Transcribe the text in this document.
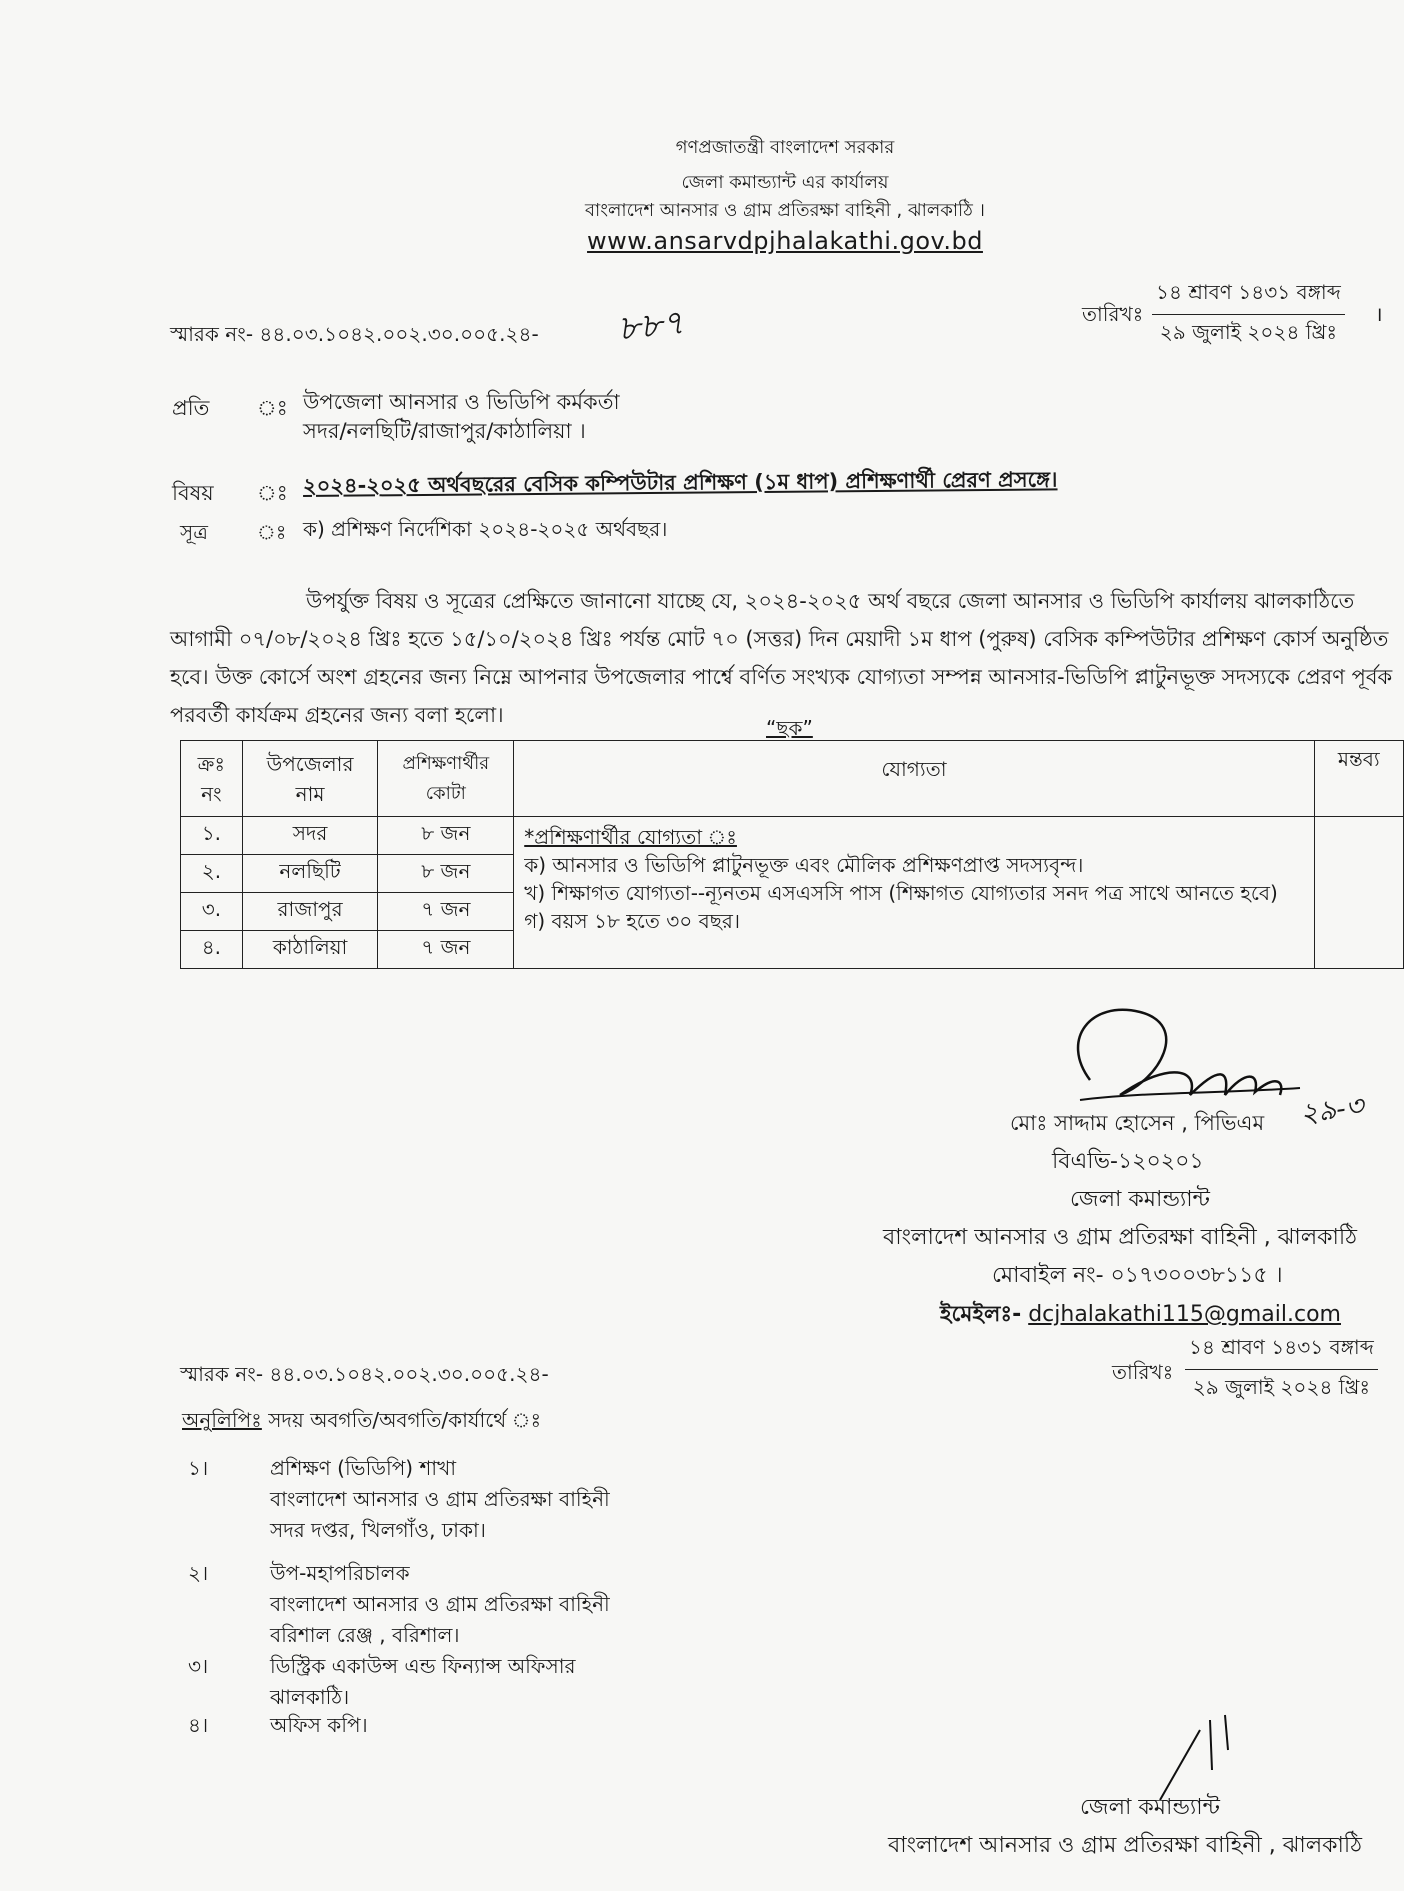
গণপ্রজাতন্ত্রী বাংলাদেশ সরকার
জেলা কমান্ড্যান্ট এর কার্যালয়
বাংলাদেশ আনসার ও গ্রাম প্রতিরক্ষা বাহিনী , ঝালকাঠি ।
www.ansarvdpjhalakathi.gov.bd
স্মারক নং- ৪৪.০৩.১০৪২.০০২.৩০.০০৫.২৪- ৮৮৭	তারিখঃ
১৪ শ্রাবণ ১৪৩১ বঙ্গাব্দ
২৯ জুলাই ২০২৪ খ্রিঃ
।
প্রতি ঃ উপজেলা আনসার ও ভিডিপি কর্মকর্তা
সদর/নলছিটি/রাজাপুর/কাঠালিয়া ।
বিষয় ঃ ২০২৪-২০২৫ অর্থবছরের বেসিক কম্পিউটার প্রশিক্ষণ (১ম ধাপ) প্রশিক্ষণার্থী প্রেরণ প্রসঙ্গে।
সূত্র ঃ ক) প্রশিক্ষণ নির্দেশিকা ২০২৪-২০২৫ অর্থবছর।
উপর্যুক্ত বিষয় ও সূত্রের প্রেক্ষিতে জানানো যাচ্ছে যে, ২০২৪-২০২৫ অর্থ বছরে জেলা আনসার ও ভিডিপি কার্যালয় ঝালকাঠিতে আগামী ০৭/০৮/২০২৪ খ্রিঃ হতে ১৫/১০/২০২৪ খ্রিঃ পর্যন্ত মোট ৭০ (সত্তর) দিন মেয়াদী ১ম ধাপ (পুরুষ) বেসিক কম্পিউটার প্রশিক্ষণ কোর্স অনুষ্ঠিত হবে। উক্ত কোর্সে অংশ গ্রহনের জন্য নিম্নে আপনার উপজেলার পার্শ্বে বর্ণিত সংখ্যক যোগ্যতা সম্পন্ন আনসার-ভিডিপি প্লাটুনভূক্ত সদস্যকে প্রেরণ পূর্বক পরবর্তী কার্যক্রম গ্রহনের জন্য বলা হলো।
“ছক”
ক্রঃ নং	উপজেলার নাম	প্রশিক্ষণার্থীর কোটা	যোগ্যতা	মন্তব্য
১.	সদর	৮ জন	*প্রশিক্ষণার্থীর যোগ্যতা ঃ
ক) আনসার ও ভিডিপি প্লাটুনভূক্ত এবং মৌলিক প্রশিক্ষণপ্রাপ্ত সদস্যবৃন্দ।
খ) শিক্ষাগত যোগ্যতা--ন্যূনতম এসএসসি পাস (শিক্ষাগত যোগ্যতার সনদ পত্র সাথে আনতে হবে)
গ) বয়স ১৮ হতে ৩০ বছর।	

২.	নলছিটি	৮ জন		
৩.	রাজাপুর	৭ জন		
৪.	কাঠালিয়া	৭ জন		
২৯-৩
মোঃ সাদ্দাম হোসেন , পিভিএম
বিএভি-১২০২০১
জেলা কমান্ড্যান্ট
বাংলাদেশ আনসার ও গ্রাম প্রতিরক্ষা বাহিনী , ঝালকাঠি
মোবাইল নং- ০১৭৩০০৩৮১১৫ ।
ইমেইলঃ- dcjhalakathi115@gmail.com
স্মারক নং- ৪৪.০৩.১০৪২.০০২.৩০.০০৫.২৪-	তারিখঃ
১৪ শ্রাবণ ১৪৩১ বঙ্গাব্দ
২৯ জুলাই ২০২৪ খ্রিঃ
অনুলিপিঃ সদয় অবগতি/অবগতি/কার্যার্থে ঃ
১।	প্রশিক্ষণ (ভিডিপি) শাখা
বাংলাদেশ আনসার ও গ্রাম প্রতিরক্ষা বাহিনী
সদর দপ্তর, খিলগাঁও, ঢাকা।
২।	উপ-মহাপরিচালক
বাংলাদেশ আনসার ও গ্রাম প্রতিরক্ষা বাহিনী
বরিশাল রেঞ্জ , বরিশাল।
৩।	ডিস্ট্রিক একাউন্স এন্ড ফিন্যান্স অফিসার
ঝালকাঠি।
৪।	অফিস কপি।
জেলা কমান্ড্যান্ট
বাংলাদেশ আনসার ও গ্রাম প্রতিরক্ষা বাহিনী , ঝালকাঠি
